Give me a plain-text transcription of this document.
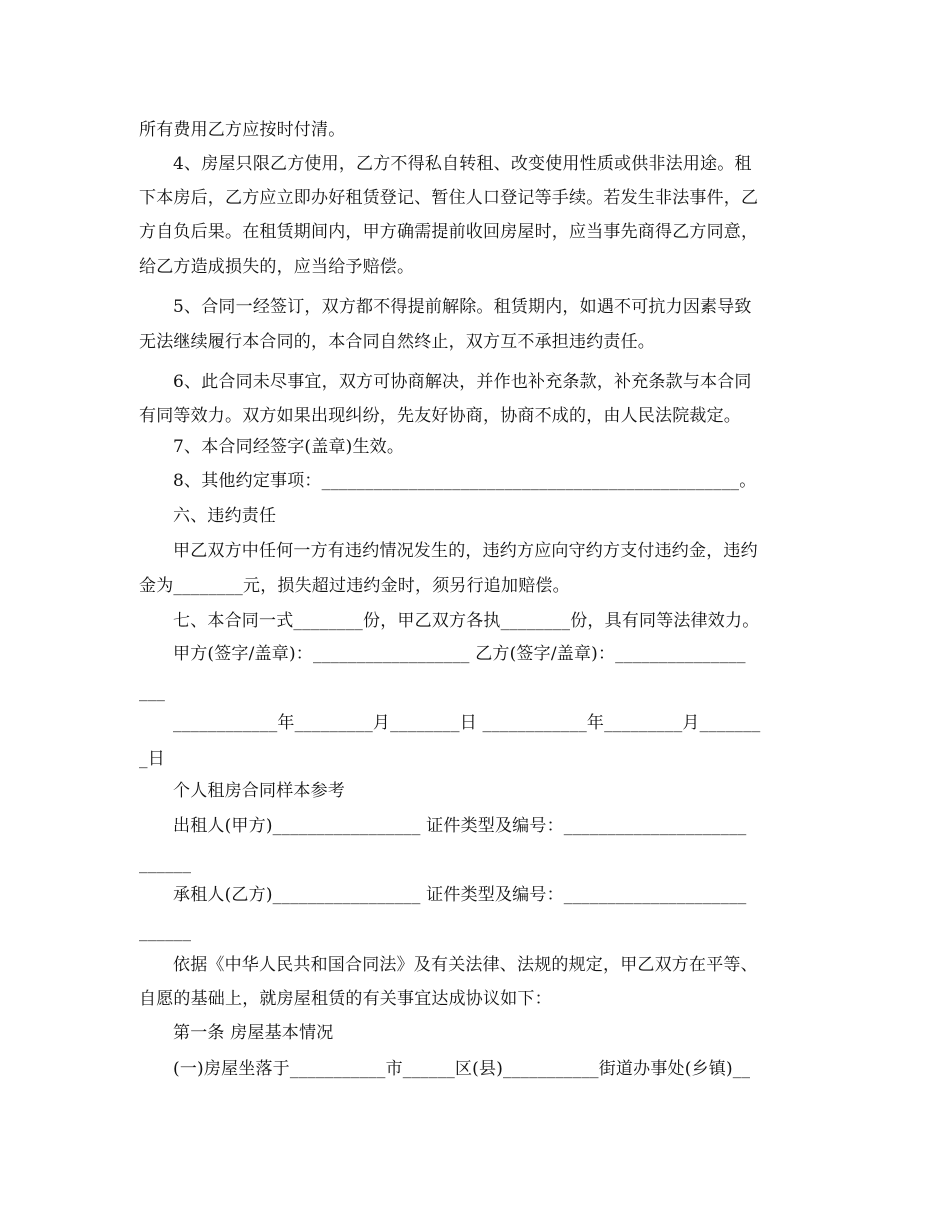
所有费用乙方应按时付清。
4、房屋只限乙方使用，乙方不得私自转租、改变使用性质或供非法用途。租
下本房后，乙方应立即办好租赁登记、暂住人口登记等手续。若发生非法事件，乙
方自负后果。在租赁期间内，甲方确需提前收回房屋时，应当事先商得乙方同意，
给乙方造成损失的，应当给予赔偿。
5、合同一经签订，双方都不得提前解除。租赁期内，如遇不可抗力因素导致
无法继续履行本合同的，本合同自然终止，双方互不承担违约责任。
6、此合同未尽事宜，双方可协商解决，并作也补充条款，补充条款与本合同
有同等效力。双方如果出现纠纷，先友好协商，协商不成的，由人民法院裁定。
7、本合同经签字(盖章)生效。
8、其他约定事项：________________________________________________。
六、违约责任
甲乙双方中任何一方有违约情况发生的，违约方应向守约方支付违约金，违约
金为________元，损失超过违约金时，须另行追加赔偿。
七、本合同一式________份，甲乙双方各执________份，具有同等法律效力。
甲方(签字/盖章)：__________________ 乙方(签字/盖章)：_______________
___
____________年_________月________日 ____________年_________月_______
_日
个人租房合同样本参考
出租人(甲方)_________________ 证件类型及编号：_____________________
______
承租人(乙方)_________________ 证件类型及编号：_____________________
______
依据《中华人民共和国合同法》及有关法律、法规的规定，甲乙双方在平等、
自愿的基础上，就房屋租赁的有关事宜达成协议如下：
第一条 房屋基本情况
(一)房屋坐落于___________市______区(县)___________街道办事处(乡镇)__
